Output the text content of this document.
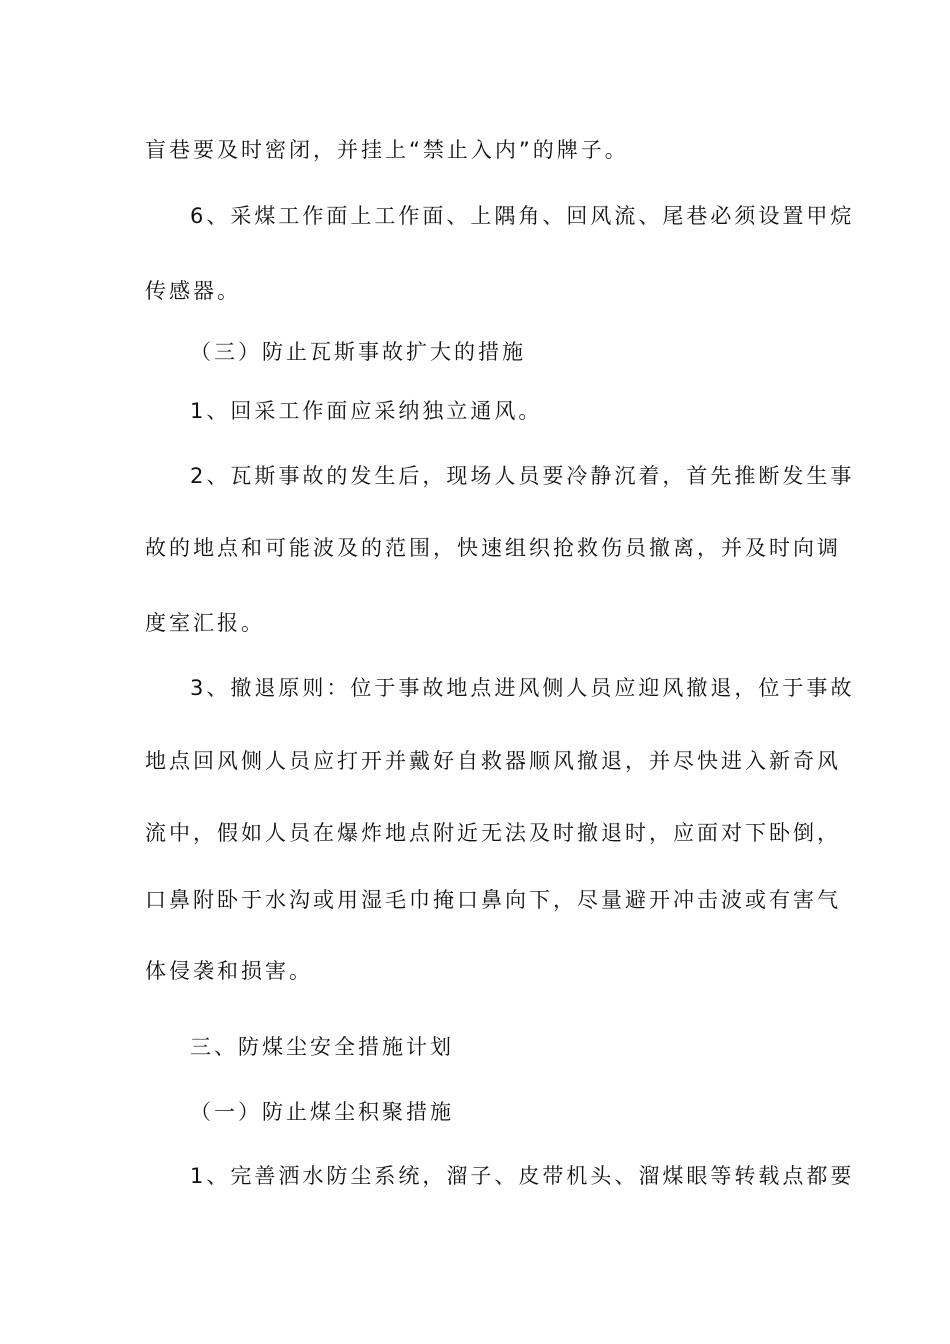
盲巷要及时密闭，并挂上“禁止入内”的牌子。
6、采煤工作面上工作面、上隅角、回风流、尾巷必须设置甲烷
传感器。
（三）防止瓦斯事故扩大的措施
1、回采工作面应采纳独立通风。
2、瓦斯事故的发生后，现场人员要冷静沉着，首先推断发生事
故的地点和可能波及的范围，快速组织抢救伤员撤离，并及时向调
度室汇报。
3、撤退原则：位于事故地点进风侧人员应迎风撤退，位于事故
地点回风侧人员应打开并戴好自救器顺风撤退，并尽快进入新奇风
流中，假如人员在爆炸地点附近无法及时撤退时，应面对下卧倒，
口鼻附卧于水沟或用湿毛巾掩口鼻向下，尽量避开冲击波或有害气
体侵袭和损害。
三、防煤尘安全措施计划
（一）防止煤尘积聚措施
1、完善洒水防尘系统，溜子、皮带机头、溜煤眼等转载点都要
